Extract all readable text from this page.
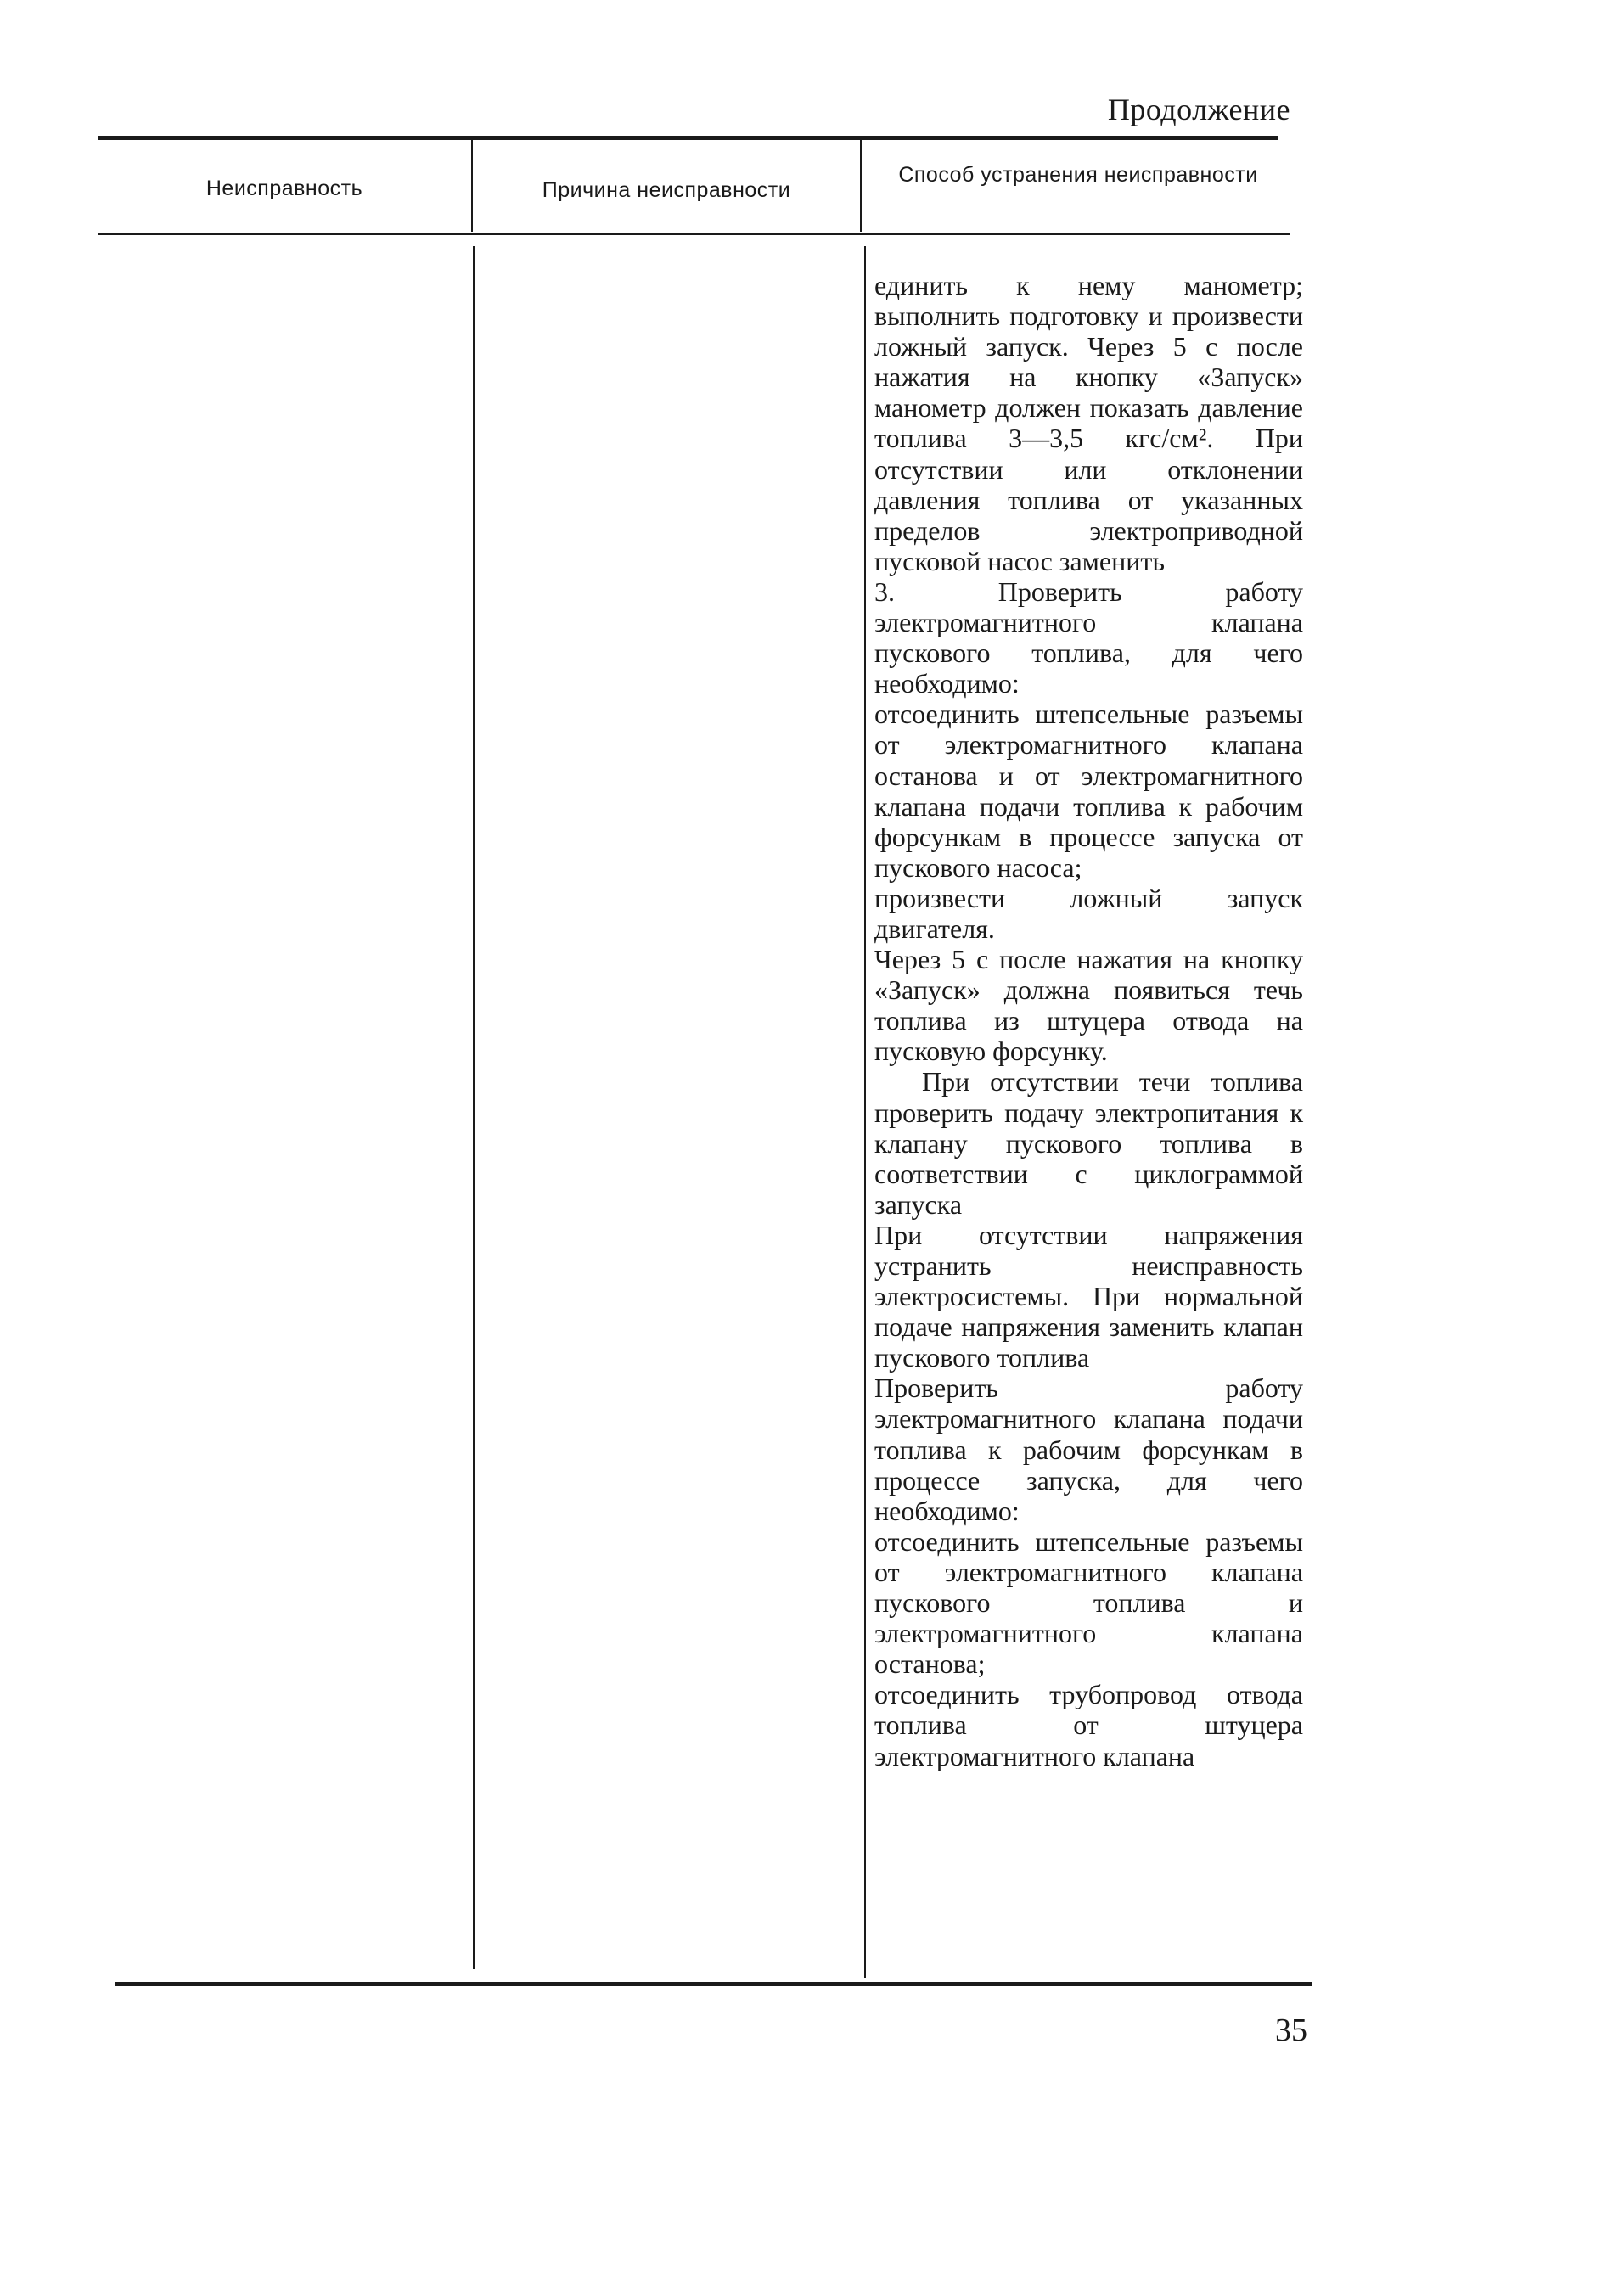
Продолжение
Неисправность	Причина неисправности
Способ устранения неисправности

единить к нему манометр; выполнить подготовку и произвести ложный запуск. Через 5 с после нажатия на кнопку «Запуск» манометр должен показать давление топлива 3—3,5 кгс/см². При отсутствии или отклонении давления топлива от указанных пределов электроприводной пусковой насос заменить

3. Проверить работу электромагнитного клапана пускового топлива, для чего необходимо:

отсоединить штепсельные разъемы от электромагнитного клапана останова и от электромагнитного клапана подачи топлива к рабочим форсункам в процессе запуска от пускового насоса;

произвести ложный запуск двигателя.

Через 5 с после нажатия на кнопку «Запуск» должна появиться течь топлива из штуцера отвода на пусковую форсунку.

При отсутствии течи топлива проверить подачу электропитания к клапану пускового топлива в соответствии с циклограммой запуска

При отсутствии напряжения устранить неисправность электросистемы. При нормальной подаче напряжения заменить клапан пускового топлива

Проверить работу электромагнитного клапана подачи топлива к рабочим форсункам в процессе запуска, для чего необходимо:

отсоединить штепсельные разъемы от электромагнитного клапана пускового топлива и электромагнитного клапана останова;

отсоединить трубопровод отвода топлива от штуцера электромагнитного клапана

35
